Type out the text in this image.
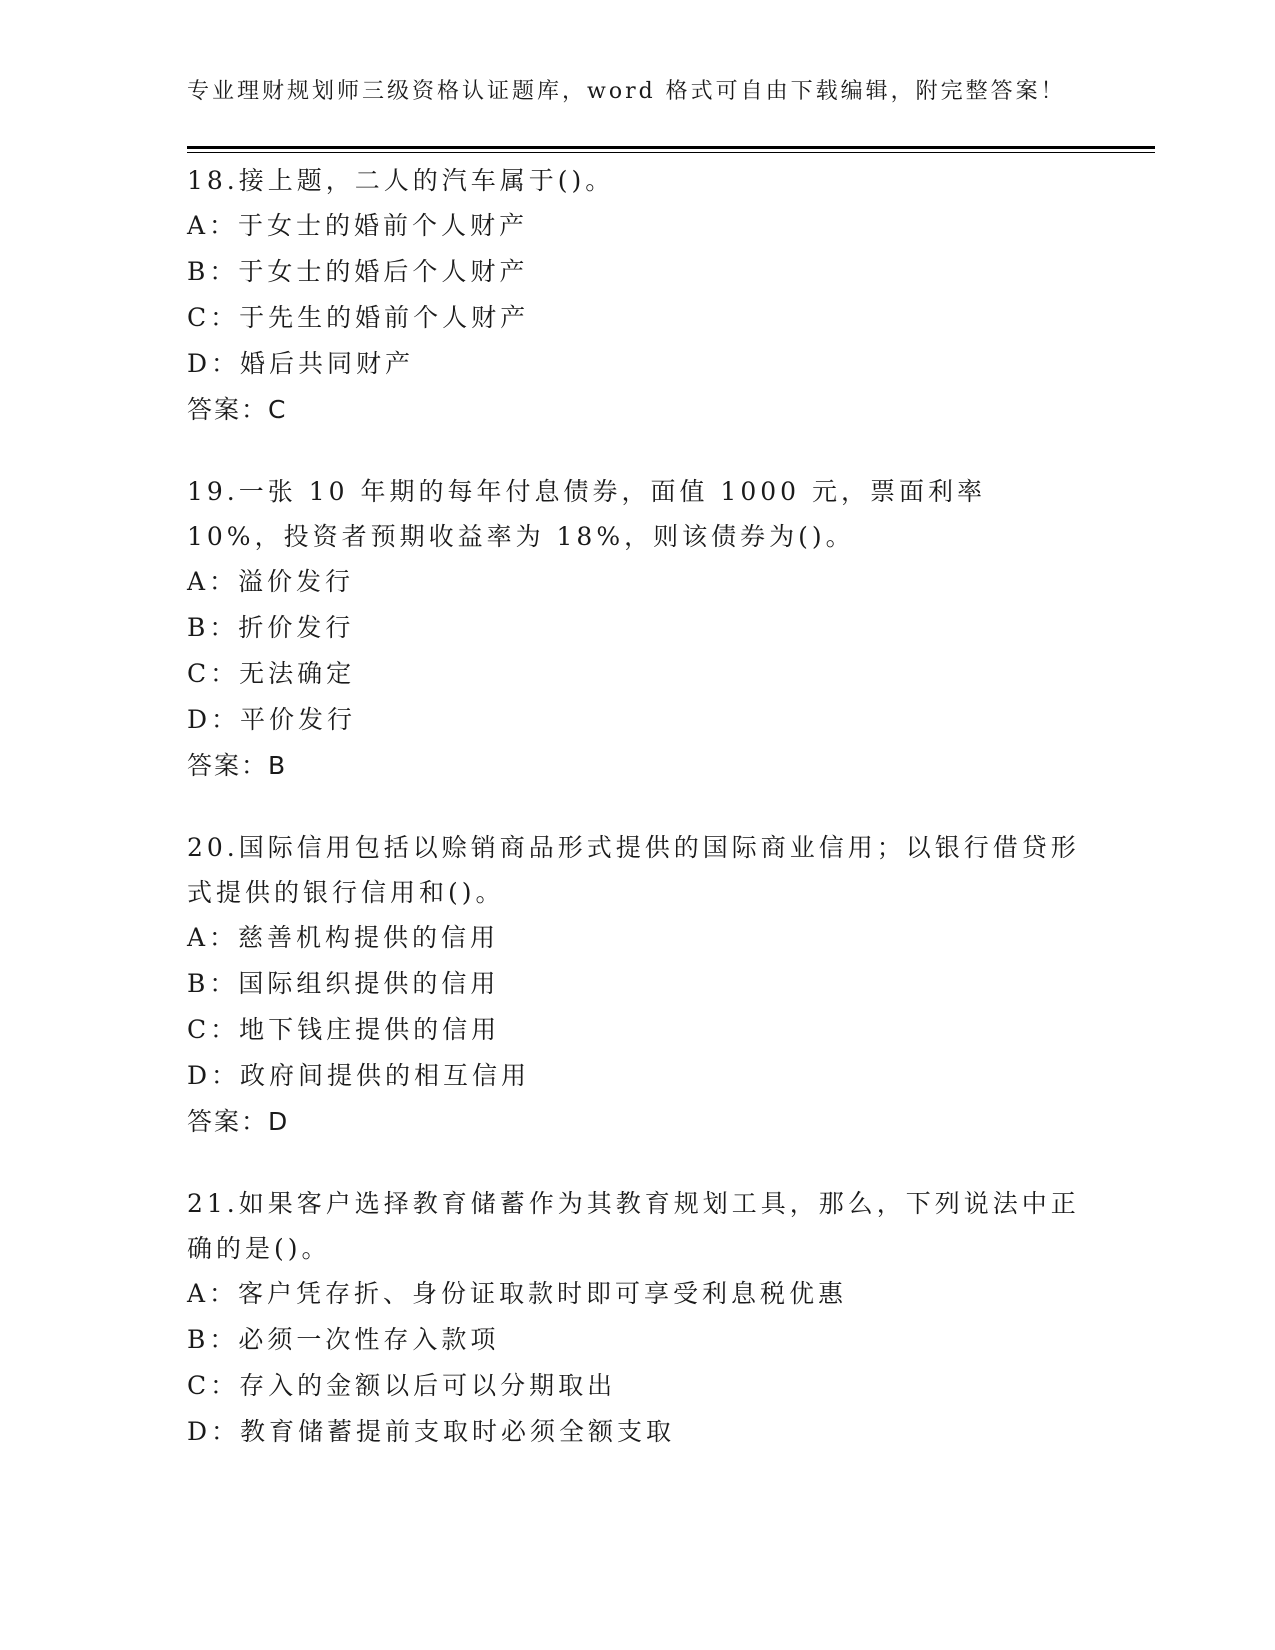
专业理财规划师三级资格认证题库，word 格式可自由下载编辑，附完整答案！
18.接上题，二人的汽车属于()。
A：于女士的婚前个人财产
B：于女士的婚后个人财产
C：于先生的婚前个人财产
D：婚后共同财产
答案：C
19.一张 10 年期的每年付息债券，面值 1000 元，票面利率 10%，投资者预期收益率为 18%，则该债券为()。
A：溢价发行
B：折价发行
C：无法确定
D：平价发行
答案：B
20.国际信用包括以赊销商品形式提供的国际商业信用；以银行借贷形式提供的银行信用和()。
A：慈善机构提供的信用
B：国际组织提供的信用
C：地下钱庄提供的信用
D：政府间提供的相互信用
答案：D
21.如果客户选择教育储蓄作为其教育规划工具，那么，下列说法中正确的是()。
A：客户凭存折、身份证取款时即可享受利息税优惠
B：必须一次性存入款项
C：存入的金额以后可以分期取出
D：教育储蓄提前支取时必须全额支取
